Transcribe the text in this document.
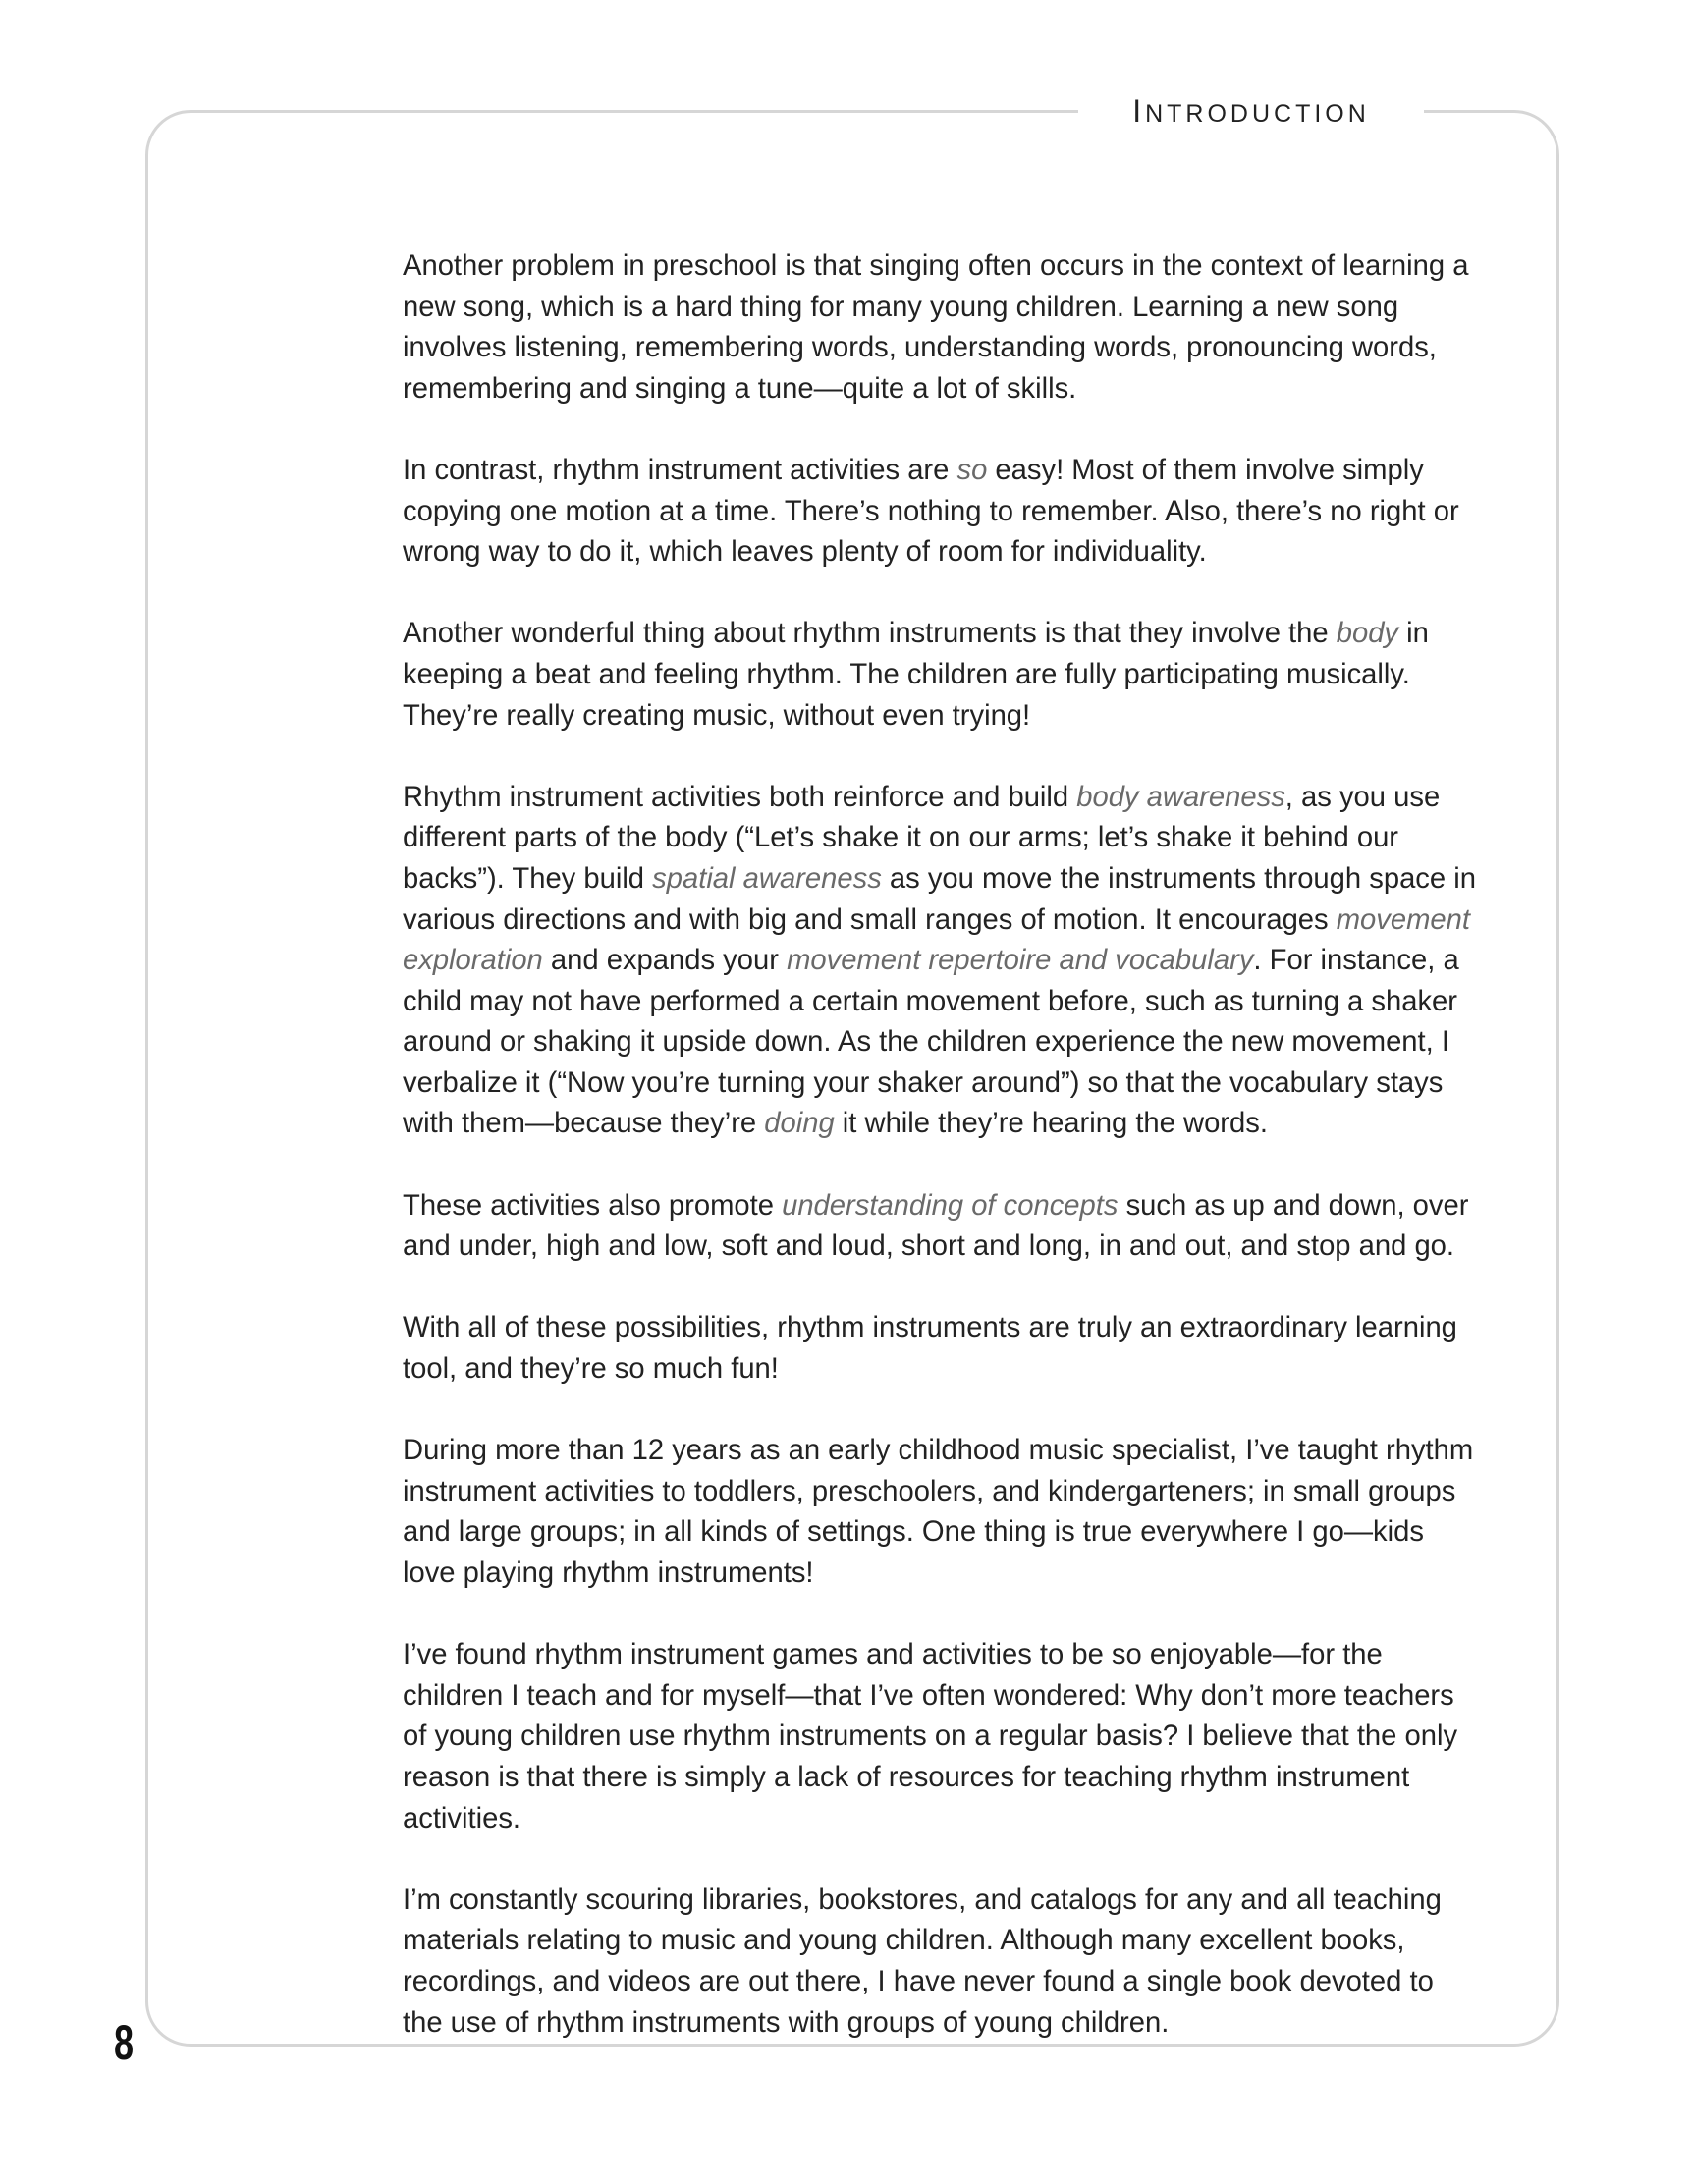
INTRODUCTION

Another problem in preschool is that singing often occurs in the context of learning a new song, which is a hard thing for many young children. Learning a new song involves listening, remembering words, understanding words, pronouncing words, remembering and singing a tune—quite a lot of skills.

In contrast, rhythm instrument activities are so easy! Most of them involve simply copying one motion at a time. There’s nothing to remember. Also, there’s no right or wrong way to do it, which leaves plenty of room for individuality.

Another wonderful thing about rhythm instruments is that they involve the body in keeping a beat and feeling rhythm. The children are fully participating musically. They’re really creating music, without even trying!

Rhythm instrument activities both reinforce and build body awareness, as you use different parts of the body (“Let’s shake it on our arms; let’s shake it behind our backs”). They build spatial awareness as you move the instruments through space in various directions and with big and small ranges of motion. It encourages movement exploration and expands your movement repertoire and vocabulary. For instance, a child may not have performed a certain movement before, such as turning a shaker around or shaking it upside down. As the children experience the new movement, I verbalize it (“Now you’re turning your shaker around”) so that the vocabulary stays with them—because they’re doing it while they’re hearing the words.

These activities also promote understanding of concepts such as up and down, over and under, high and low, soft and loud, short and long, in and out, and stop and go.

With all of these possibilities, rhythm instruments are truly an extraordinary learning tool, and they’re so much fun!

During more than 12 years as an early childhood music specialist, I’ve taught rhythm instrument activities to toddlers, preschoolers, and kindergarteners; in small groups and large groups; in all kinds of settings. One thing is true everywhere I go—kids love playing rhythm instruments!

I’ve found rhythm instrument games and activities to be so enjoyable—for the children I teach and for myself—that I’ve often wondered: Why don’t more teachers of young children use rhythm instruments on a regular basis? I believe that the only reason is that there is simply a lack of resources for teaching rhythm instrument activities.

I’m constantly scouring libraries, bookstores, and catalogs for any and all teaching materials relating to music and young children. Although many excellent books, recordings, and videos are out there, I have never found a single book devoted to the use of rhythm instruments with groups of young children.

8
